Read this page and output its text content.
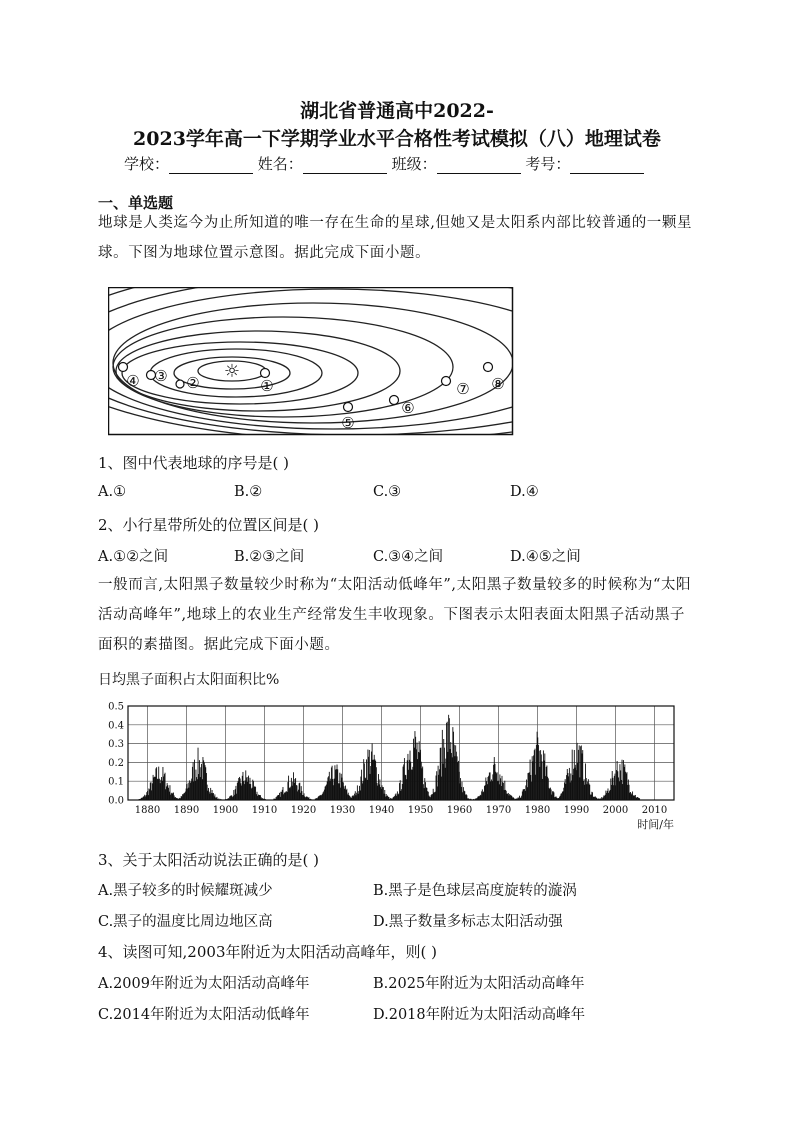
湖北省普通高中2022-
2023学年高一下学期学业水平合格性考试模拟（八）地理试卷
学校：	姓名：	班级：	考号：
一、单选题
地球是人类迄今为止所知道的唯一存在生命的星球,但她又是太阳系内部比较普通的一颗星球。下图为地球位置示意图。据此完成下面小题。
☼
①
②
③
④
⑤
⑥
⑦ ⑧
1、图中代表地球的序号是( )
A.①	B.②	C.③	D.④
2、小行星带所处的位置区间是( )
A.①②之间	B.②③之间	C.③④之间	D.④⑤之间
一般而言,太阳黑子数量较少时称为“太阳活动低峰年”,太阳黑子数量较多的时候称为“太阳活动高峰年”,地球上的农业生产经常发生丰收现象。下图表示太阳表面太阳黑子活动黑子面积的素描图。据此完成下面小题。
日均黑子面积占太阳面积比%
0.0
0.1
0.2
0.3
0.4
0.5
1880 1890 1900 1910 1920 1930 1940 1950 1960 1970 1980 1990 2000 2010
时间/年
3、关于太阳活动说法正确的是( )
A.黑子较多的时候耀斑减少	B.黑子是色球层高度旋转的漩涡
C.黑子的温度比周边地区高	D.黑子数量多标志太阳活动强
4、读图可知,2003年附近为太阳活动高峰年，则( )
A.2009年附近为太阳活动高峰年	B.2025年附近为太阳活动高峰年
C.2014年附近为太阳活动低峰年	D.2018年附近为太阳活动高峰年
